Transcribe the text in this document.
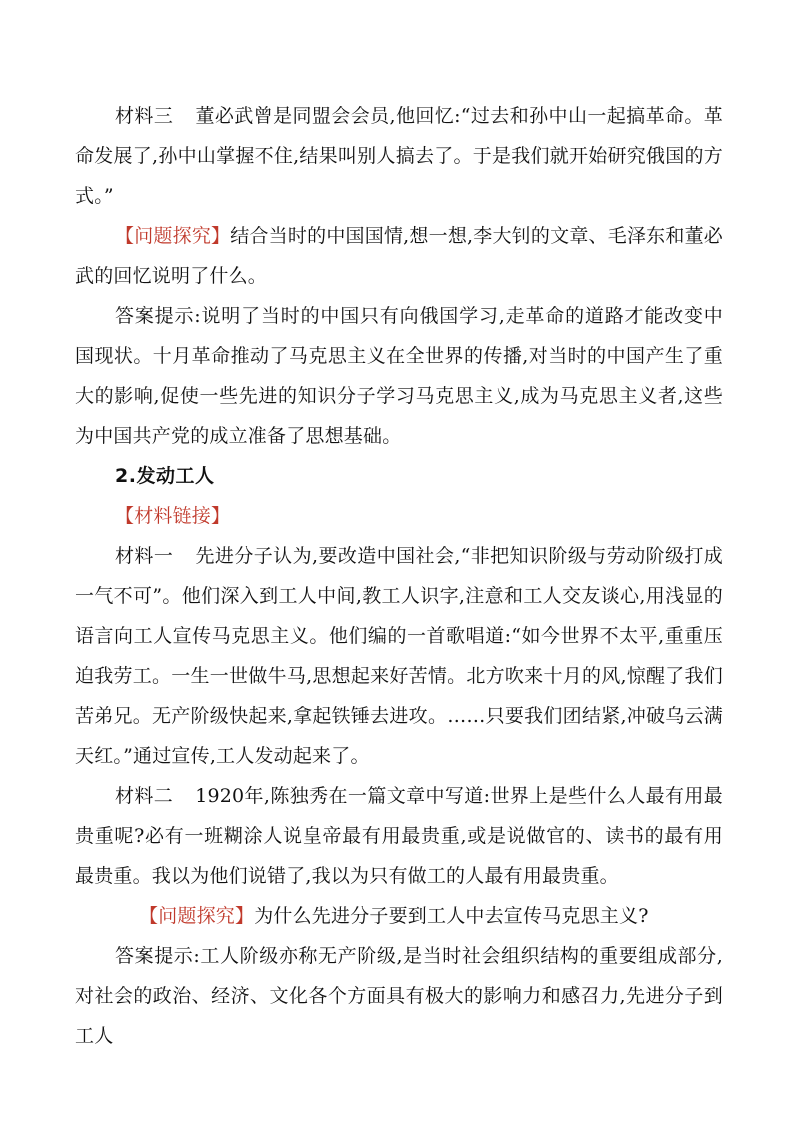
材料三 董必武曾是同盟会会员,他回忆:“过去和孙中山一起搞革命。革命发展了,孙中山掌握不住,结果叫别人搞去了。于是我们就开始研究俄国的方式。”

【问题探究】结合当时的中国国情,想一想,李大钊的文章、毛泽东和董必武的回忆说明了什么。

答案提示:说明了当时的中国只有向俄国学习,走革命的道路才能改变中国现状。十月革命推动了马克思主义在全世界的传播,对当时的中国产生了重大的影响,促使一些先进的知识分子学习马克思主义,成为马克思主义者,这些为中国共产党的成立准备了思想基础。

2.发动工人

【材料链接】

材料一 先进分子认为,要改造中国社会,“非把知识阶级与劳动阶级打成一气不可”。他们深入到工人中间,教工人识字,注意和工人交友谈心,用浅显的语言向工人宣传马克思主义。他们编的一首歌唱道:“如今世界不太平,重重压迫我劳工。一生一世做牛马,思想起来好苦情。北方吹来十月的风,惊醒了我们苦弟兄。无产阶级快起来,拿起铁锤去进攻。……只要我们团结紧,冲破乌云满天红。”通过宣传,工人发动起来了。

材料二 1920年,陈独秀在一篇文章中写道:世界上是些什么人最有用最贵重呢?必有一班糊涂人说皇帝最有用最贵重,或是说做官的、读书的最有用最贵重。我以为他们说错了,我以为只有做工的人最有用最贵重。

【问题探究】为什么先进分子要到工人中去宣传马克思主义?

答案提示:工人阶级亦称无产阶级,是当时社会组织结构的重要组成部分,对社会的政治、经济、文化各个方面具有极大的影响力和感召力,先进分子到工人
